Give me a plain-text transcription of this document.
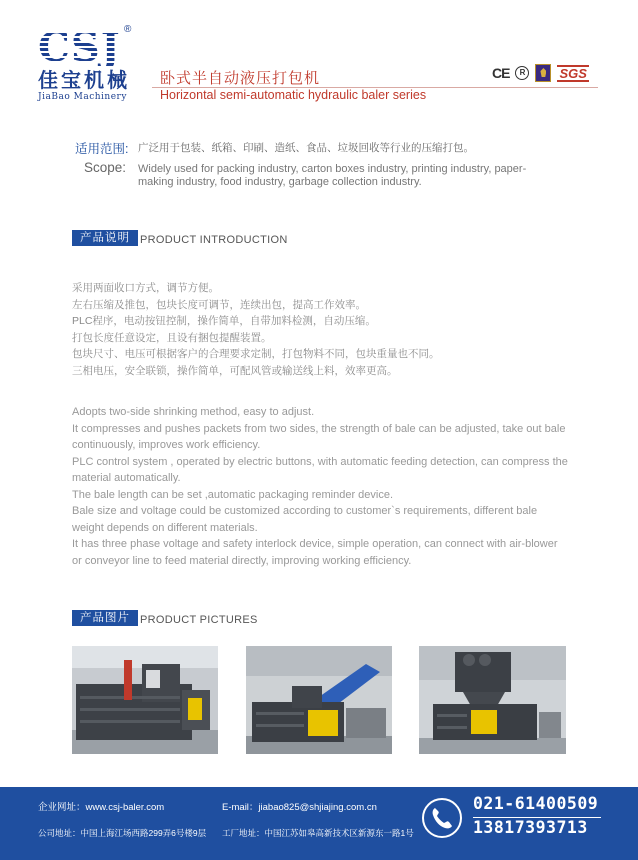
CSJ ®
佳宝机械
JiaBao Machinery
卧式半自动液压打包机
Horizontal semi-automatic hydraulic baler series
CE	R	SGS
适用范围: 广泛用于包装、纸箱、印刷、造纸、食品、垃圾回收等行业的压缩打包。
Scope: Widely used for packing industry, carton boxes industry, printing industry, paper-making industry, food industry, garbage collection industry.
产品说明 PRODUCT INTRODUCTION

采用两面收口方式，调节方便。

左右压缩及推包，包块长度可调节，连续出包，提高工作效率。

PLC程序，电动按钮控制，操作简单，自带加料检测，自动压缩。

打包长度任意设定，且设有捆包提醒装置。

包块尺寸、电压可根据客户的合理要求定制，打包物料不同，包块重量也不同。

三相电压，安全联锁，操作简单，可配风管或输送线上料，效率更高。

Adopts two-side shrinking method, easy to adjust.

It compresses and pushes packets from two sides, the strength of bale can be adjusted, take out bale continuously, improves work efficiency.

PLC control system , operated by electric buttons, with automatic feeding detection, can compress the material automatically.

The bale length can be set ,automatic packaging reminder device.

Bale size and voltage could be customized according to customer`s requirements, different bale weight depends on different materials.

It has three phase voltage and safety interlock device, simple operation, can connect with air-blower or conveyor line to feed material directly, improving working efficiency.

产品图片 PRODUCT PICTURES
企业网址：www.csj-baler.com	E-mail：jiabao825@shjiajing.com.cn
公司地址：中国上海江场西路299弄6号楼9层 工厂地址：中国江苏如皋高新技术区新源东一路1号
021-61400509
13817393713
